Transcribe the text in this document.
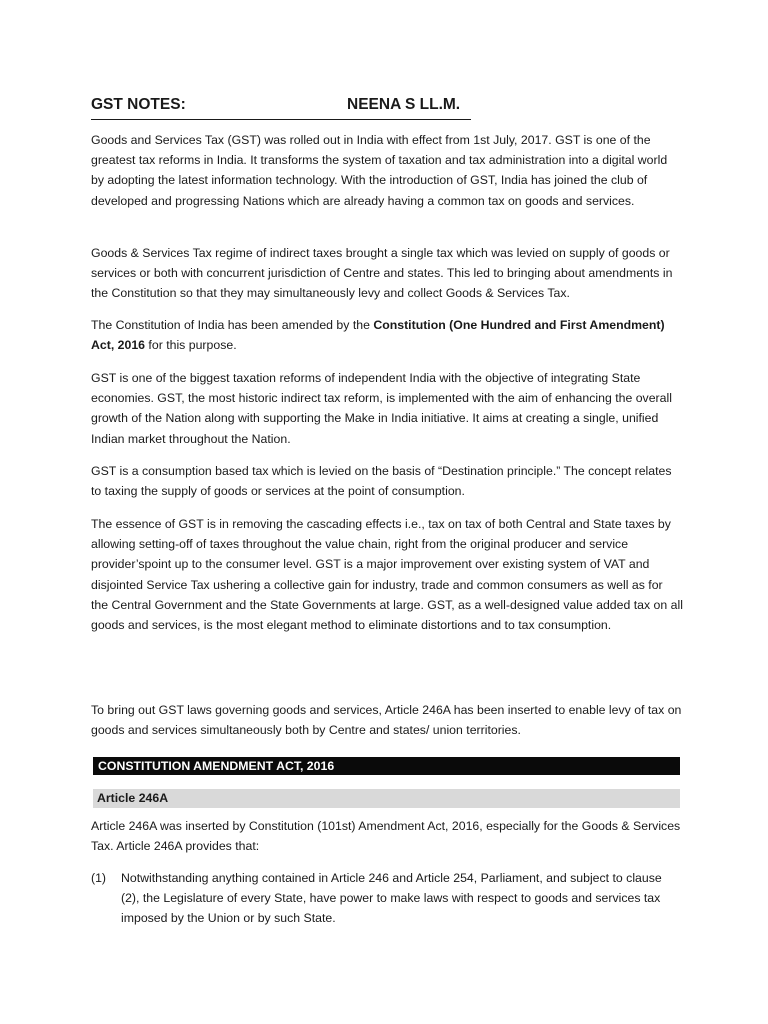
GST NOTES:	NEENA S LL.M.

Goods and Services Tax (GST) was rolled out in India with effect from 1st July, 2017. GST is one of the greatest tax reforms in India. It transforms the system of taxation and tax administration into a digital world by adopting the latest information technology. With the introduction of GST, India has joined the club of developed and progressing Nations which are already having a common tax on goods and services.

Goods & Services Tax regime of indirect taxes brought a single tax which was levied on supply of goods or services or both with concurrent jurisdiction of Centre and states. This led to bringing about amendments in the Constitution so that they may simultaneously levy and collect Goods & Services Tax.

The Constitution of India has been amended by the Constitution (One Hundred and First Amendment) Act, 2016 for this purpose.

GST is one of the biggest taxation reforms of independent India with the objective of integrating State economies. GST, the most historic indirect tax reform, is implemented with the aim of enhancing the overall growth of the Nation along with supporting the Make in India initiative. It aims at creating a single, unified Indian market throughout the Nation.

GST is a consumption based tax which is levied on the basis of “Destination principle.” The concept relates to taxing the supply of goods or services at the point of consumption.

The essence of GST is in removing the cascading effects i.e., tax on tax of both Central and State taxes by allowing setting-off of taxes throughout the value chain, right from the original producer and service provider’spoint up to the consumer level. GST is a major improvement over existing system of VAT and disjointed Service Tax ushering a collective gain for industry, trade and common consumers as well as for the Central Government and the State Governments at large. GST, as a well-designed value added tax on all goods and services, is the most elegant method to eliminate distortions and to tax consumption.

To bring out GST laws governing goods and services, Article 246A has been inserted to enable levy of tax on goods and services simultaneously both by Centre and states/ union territories.

CONSTITUTION AMENDMENT ACT, 2016
Article 246A

Article 246A was inserted by Constitution (101st) Amendment Act, 2016, especially for the Goods & Services Tax. Article 246A provides that:

(1) Notwithstanding anything contained in Article 246 and Article 254, Parliament, and subject to clause (2), the Legislature of every State, have power to make laws with respect to goods and services tax imposed by the Union or by such State.
